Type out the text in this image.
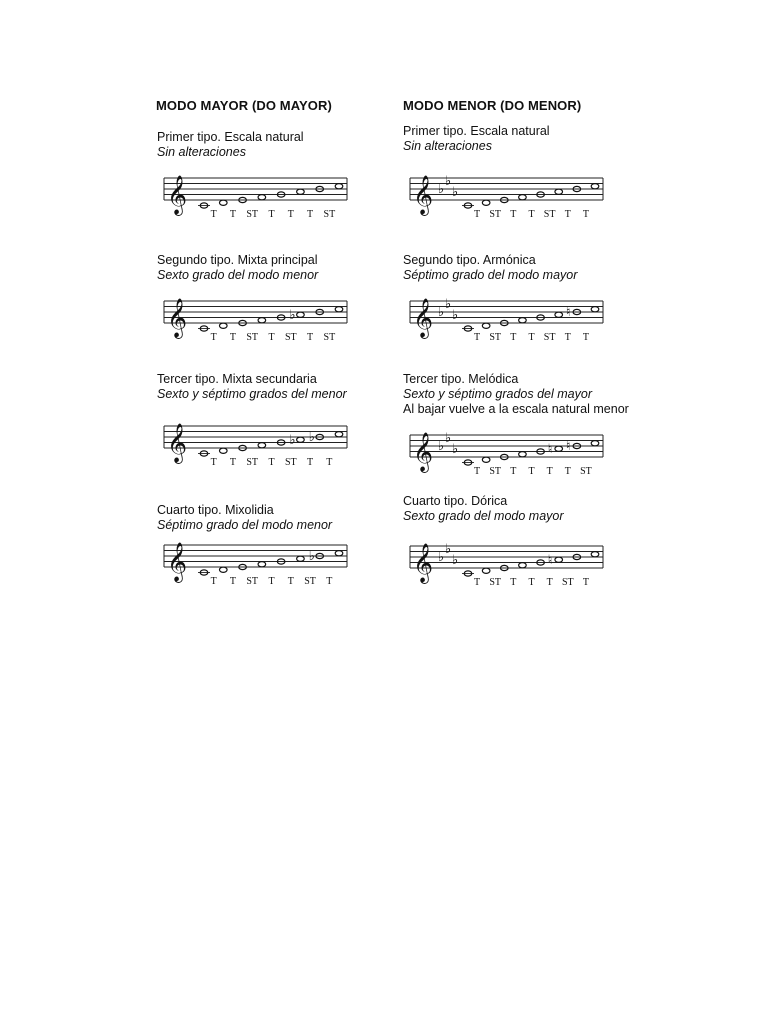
MODO MAYOR (DO MAYOR)	MODO MENOR (DO MENOR)
Primer tipo. Escala natural
Sin alteraciones
𝄞 T T ST T T T ST
Segundo tipo. Mixta principal
Sexto grado del modo menor
𝄞	♭
T T ST T ST T ST
Tercer tipo. Mixta secundaria
Sexto y séptimo grados del menor
𝄞	♭ ♭
T T ST T ST T T
Cuarto tipo. Mixolidia
Séptimo grado del modo menor
𝄞	♭
T T ST T T ST T
Primer tipo. Escala natural
Sin alteraciones
𝄞 ♭
♭
♭
T ST T T ST T T
Segundo tipo. Armónica
Séptimo grado del modo mayor
𝄞 ♭
♭
♭	♮
T ST T T ST T T
Tercer tipo. Melódica
Sexto y séptimo grados del mayor
Al bajar vuelve a la escala natural menor
𝄞 ♭
♭
♭	♮ ♮
T ST T T T T ST
Cuarto tipo. Dórica
Sexto grado del modo mayor
𝄞 ♭
♭
♭	♮
T ST T T T ST T
